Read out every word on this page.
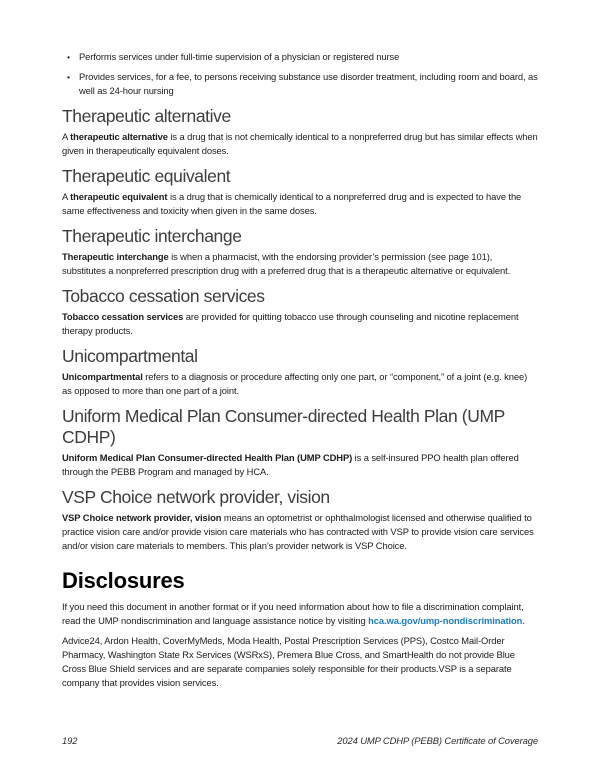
• Performs services under full-time supervision of a physician or registered nurse
• Provides services, for a fee, to persons receiving substance use disorder treatment, including room and board, as well as 24-hour nursing
Therapeutic alternative

A therapeutic alternative is a drug that is not chemically identical to a nonpreferred drug but has similar effects when given in therapeutically equivalent doses.

Therapeutic equivalent

A therapeutic equivalent is a drug that is chemically identical to a nonpreferred drug and is expected to have the same effectiveness and toxicity when given in the same doses.

Therapeutic interchange

Therapeutic interchange is when a pharmacist, with the endorsing provider’s permission (see page 101), substitutes a nonpreferred prescription drug with a preferred drug that is a therapeutic alternative or equivalent.

Tobacco cessation services

Tobacco cessation services are provided for quitting tobacco use through counseling and nicotine replacement therapy products.

Unicompartmental

Unicompartmental refers to a diagnosis or procedure affecting only one part, or “component,” of a joint (e.g. knee) as opposed to more than one part of a joint.

Uniform Medical Plan Consumer-directed Health Plan (UMP CDHP)

Uniform Medical Plan Consumer-directed Health Plan (UMP CDHP) is a self-insured PPO health plan offered through the PEBB Program and managed by HCA.

VSP Choice network provider, vision

VSP Choice network provider, vision means an optometrist or ophthalmologist licensed and otherwise qualified to practice vision care and/or provide vision care materials who has contracted with VSP to provide vision care services and/or vision care materials to members. This plan’s provider network is VSP Choice.

Disclosures

If you need this document in another format or if you need information about how to file a discrimination complaint, read the UMP nondiscrimination and language assistance notice by visiting hca.wa.gov/ump-nondiscrimination.

Advice24, Ardon Health, CoverMyMeds, Moda Health, Postal Prescription Services (PPS), Costco Mail-Order Pharmacy, Washington State Rx Services (WSRxS), Premera Blue Cross, and SmartHealth do not provide Blue Cross Blue Shield services and are separate companies solely responsible for their products.VSP is a separate company that provides vision services.

192	2024 UMP CDHP (PEBB) Certificate of Coverage
